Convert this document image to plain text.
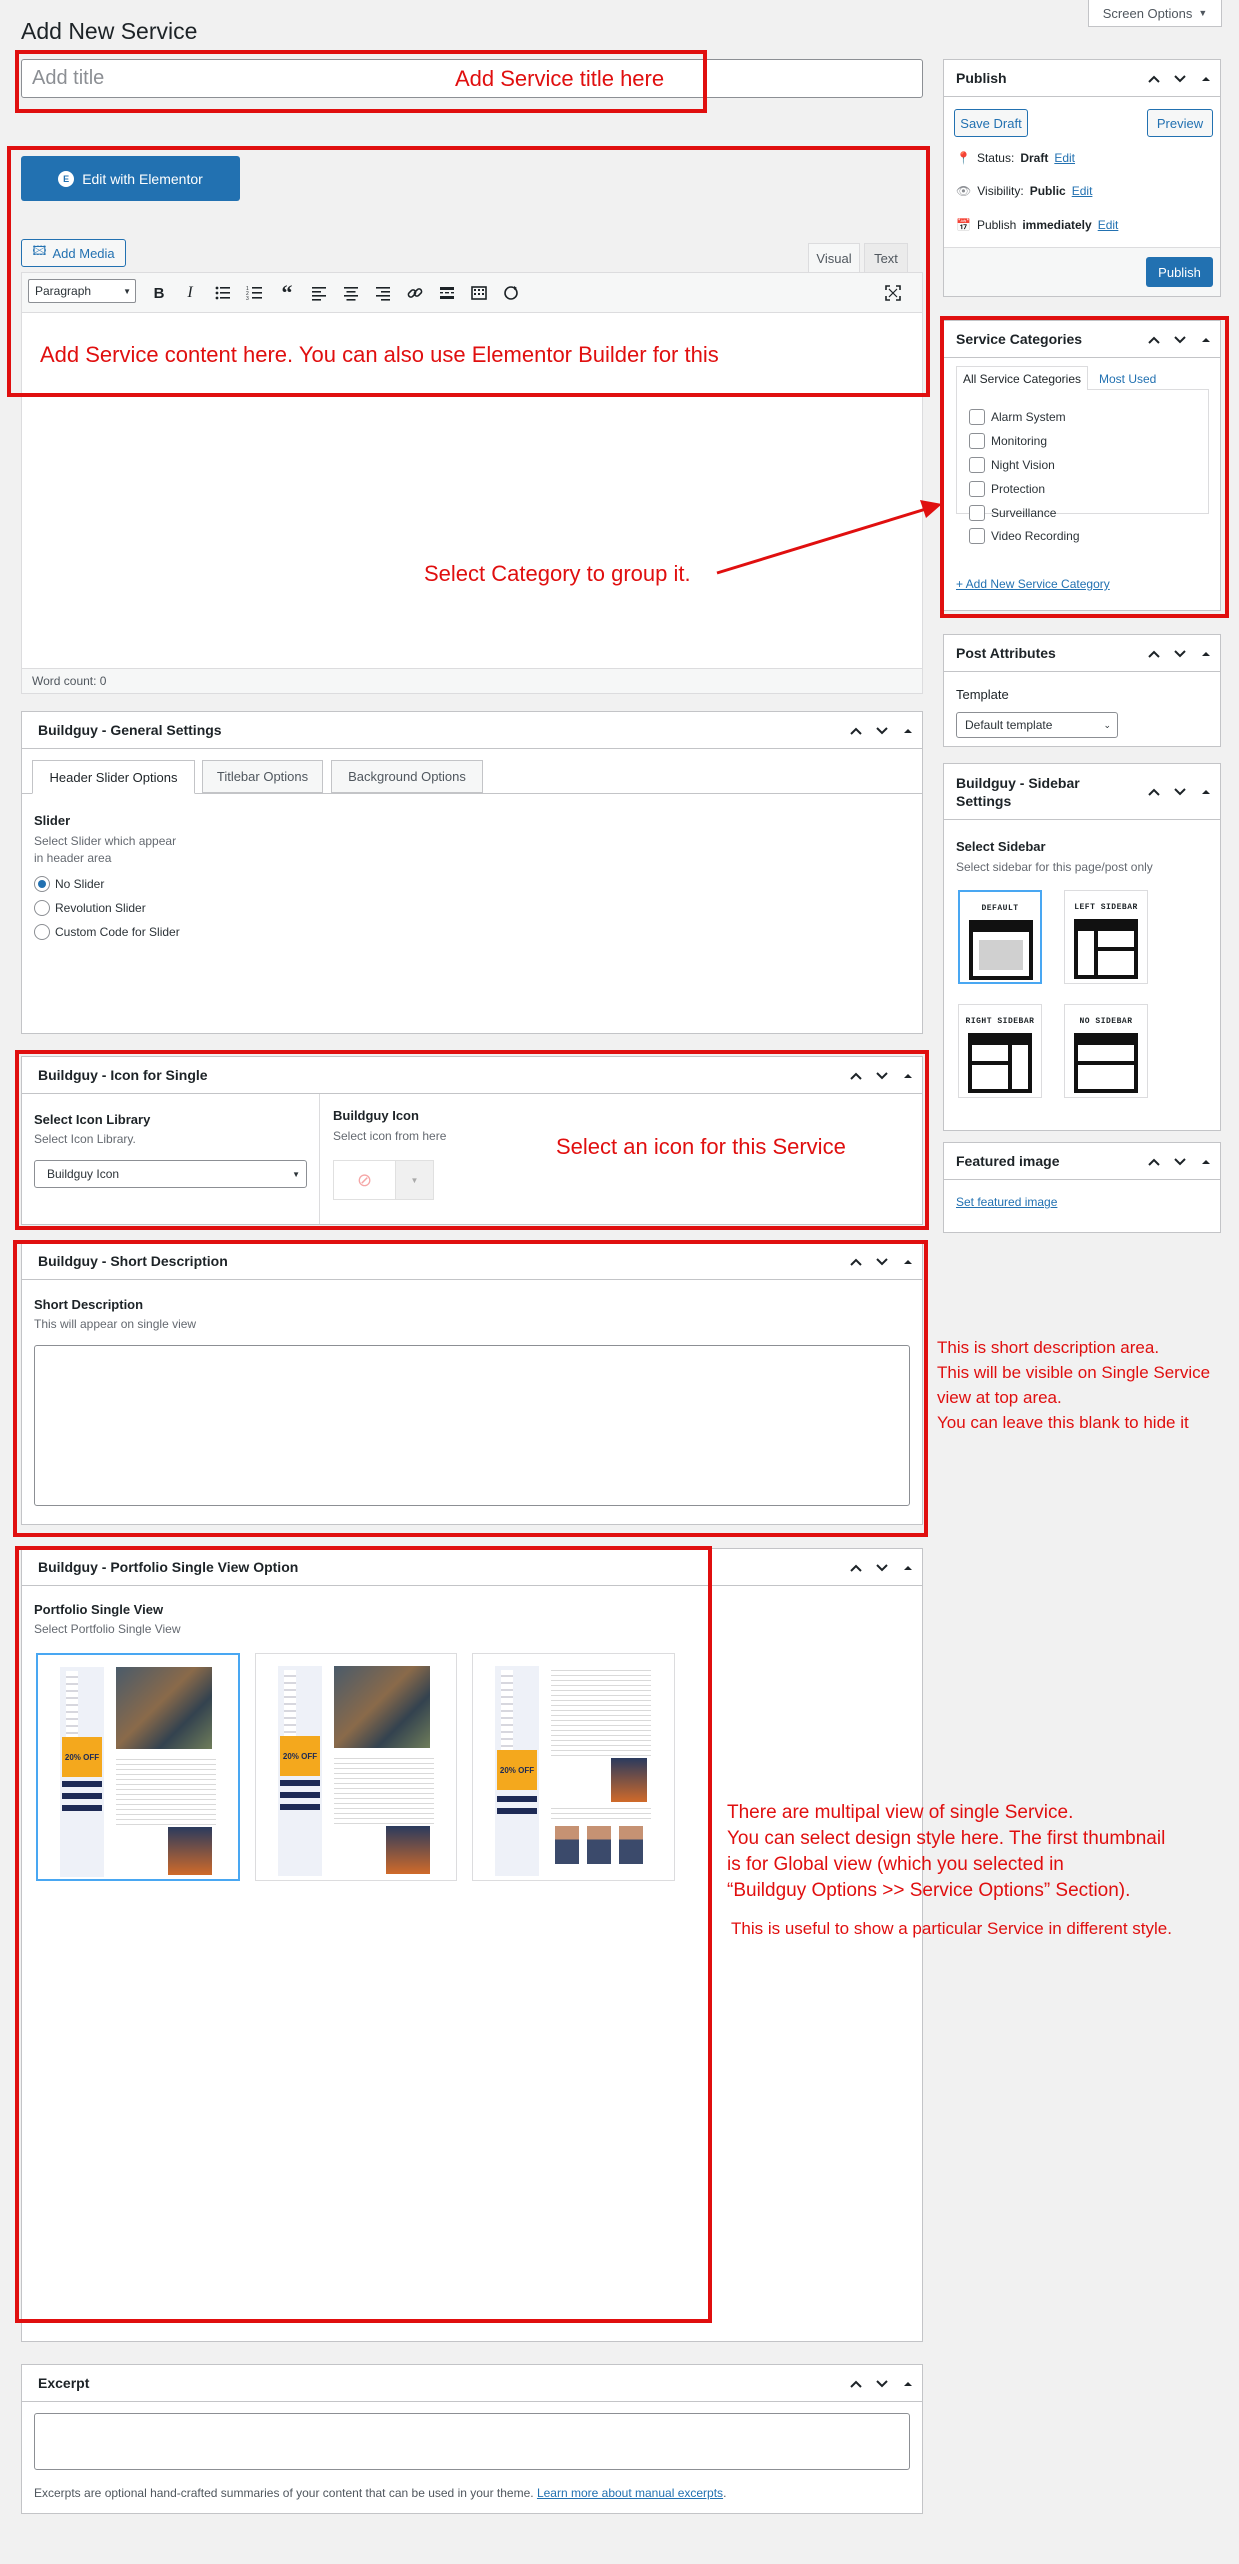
Add New Service
Screen Options ▼
Add title
E Edit with Elementor
🖾 Add Media	Visual Text
Paragraph	▼	B	I	1
2
3	“
Word count: 0
Buildguy - General Settings
Header Slider Options	Titlebar Options	Background Options
Slider
Select Slider which appear
in header area
No Slider
Revolution Slider
Custom Code for Slider
Buildguy - Icon for Single
Select Icon Library
Select Icon Library.
Buildguy Icon	▼
Buildguy Icon
Select icon from here
⊘	▼
Buildguy - Short Description
Short Description
This will appear on single view
Buildguy - Portfolio Single View Option
Portfolio Single View
Select Portfolio Single View
20% OFF	20% OFF
20% OFF
Excerpt
Excerpts are optional hand-crafted summaries of your content that can be used in your theme. Learn more about manual excerpts.
Publish
Save Draft	Preview
📍 Status: Draft Edit
👁 Visibility: Public Edit
📅 Publish immediately Edit
Publish
Service Categories
All Service Categories Most Used
Alarm System
Monitoring
Night Vision
Protection
Surveillance
Video Recording
+ Add New Service Category
Post Attributes
Template
Default template	⌄
Buildguy - Sidebar
Settings
Select Sidebar
Select sidebar for this page/post only
DEFAULT	LEFT SIDEBAR
RIGHT SIDEBAR	NO SIDEBAR
Featured image
Set featured image
Add Service title here
Add Service content here. You can also use Elementor Builder for this
Select Category to group it.
Select an icon for this Service
This is short description area.
This will be visible on Single Service
view at top area.
You can leave this blank to hide it
There are multipal view of single Service.
You can select design style here. The first thumbnail
is for Global view (which you selected in
“Buildguy Options >> Service Options” Section).
This is useful to show a particular Service in different style.
